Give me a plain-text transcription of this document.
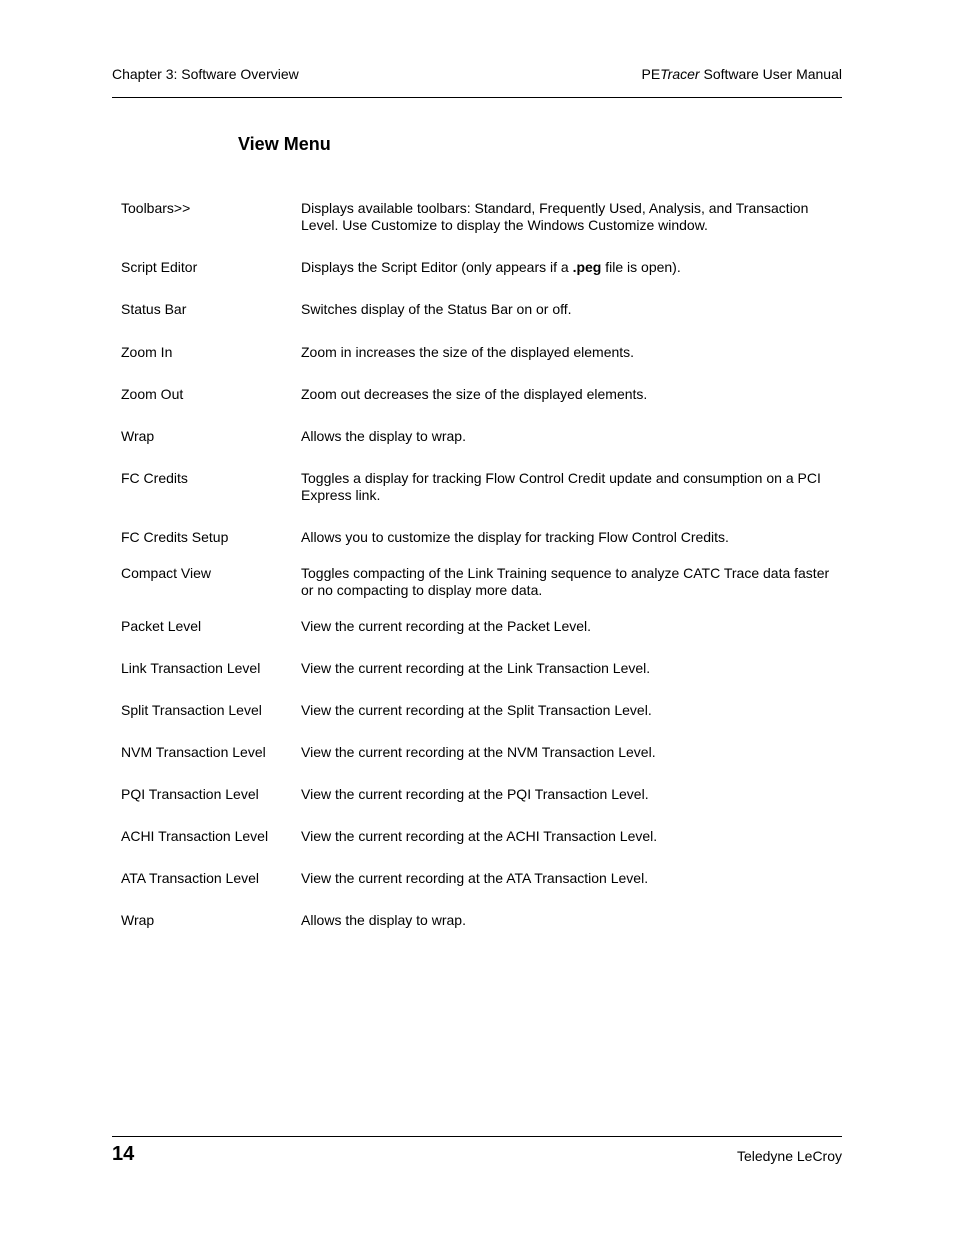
Chapter 3: Software Overview	PETracer Software User Manual
View Menu
Toolbars>>	Displays available toolbars: Standard, Frequently Used, Analysis, and Transaction Level. Use Customize to display the Windows Customize window.
Script Editor	Displays the Script Editor (only appears if a .peg file is open).
Status Bar	Switches display of the Status Bar on or off.
Zoom In	Zoom in increases the size of the displayed elements.
Zoom Out	Zoom out decreases the size of the displayed elements.
Wrap	Allows the display to wrap.
FC Credits	Toggles a display for tracking Flow Control Credit update and consumption on a PCI Express link.
FC Credits Setup	Allows you to customize the display for tracking Flow Control Credits.
Compact View	Toggles compacting of the Link Training sequence to analyze CATC Trace data faster or no compacting to display more data.
Packet Level	View the current recording at the Packet Level.
Link Transaction Level	View the current recording at the Link Transaction Level.
Split Transaction Level	View the current recording at the Split Transaction Level.
NVM Transaction Level	View the current recording at the NVM Transaction Level.
PQI Transaction Level	View the current recording at the PQI Transaction Level.
ACHI Transaction Level	View the current recording at the ACHI Transaction Level.
ATA Transaction Level	View the current recording at the ATA Transaction Level.
Wrap	Allows the display to wrap.
14	Teledyne LeCroy
